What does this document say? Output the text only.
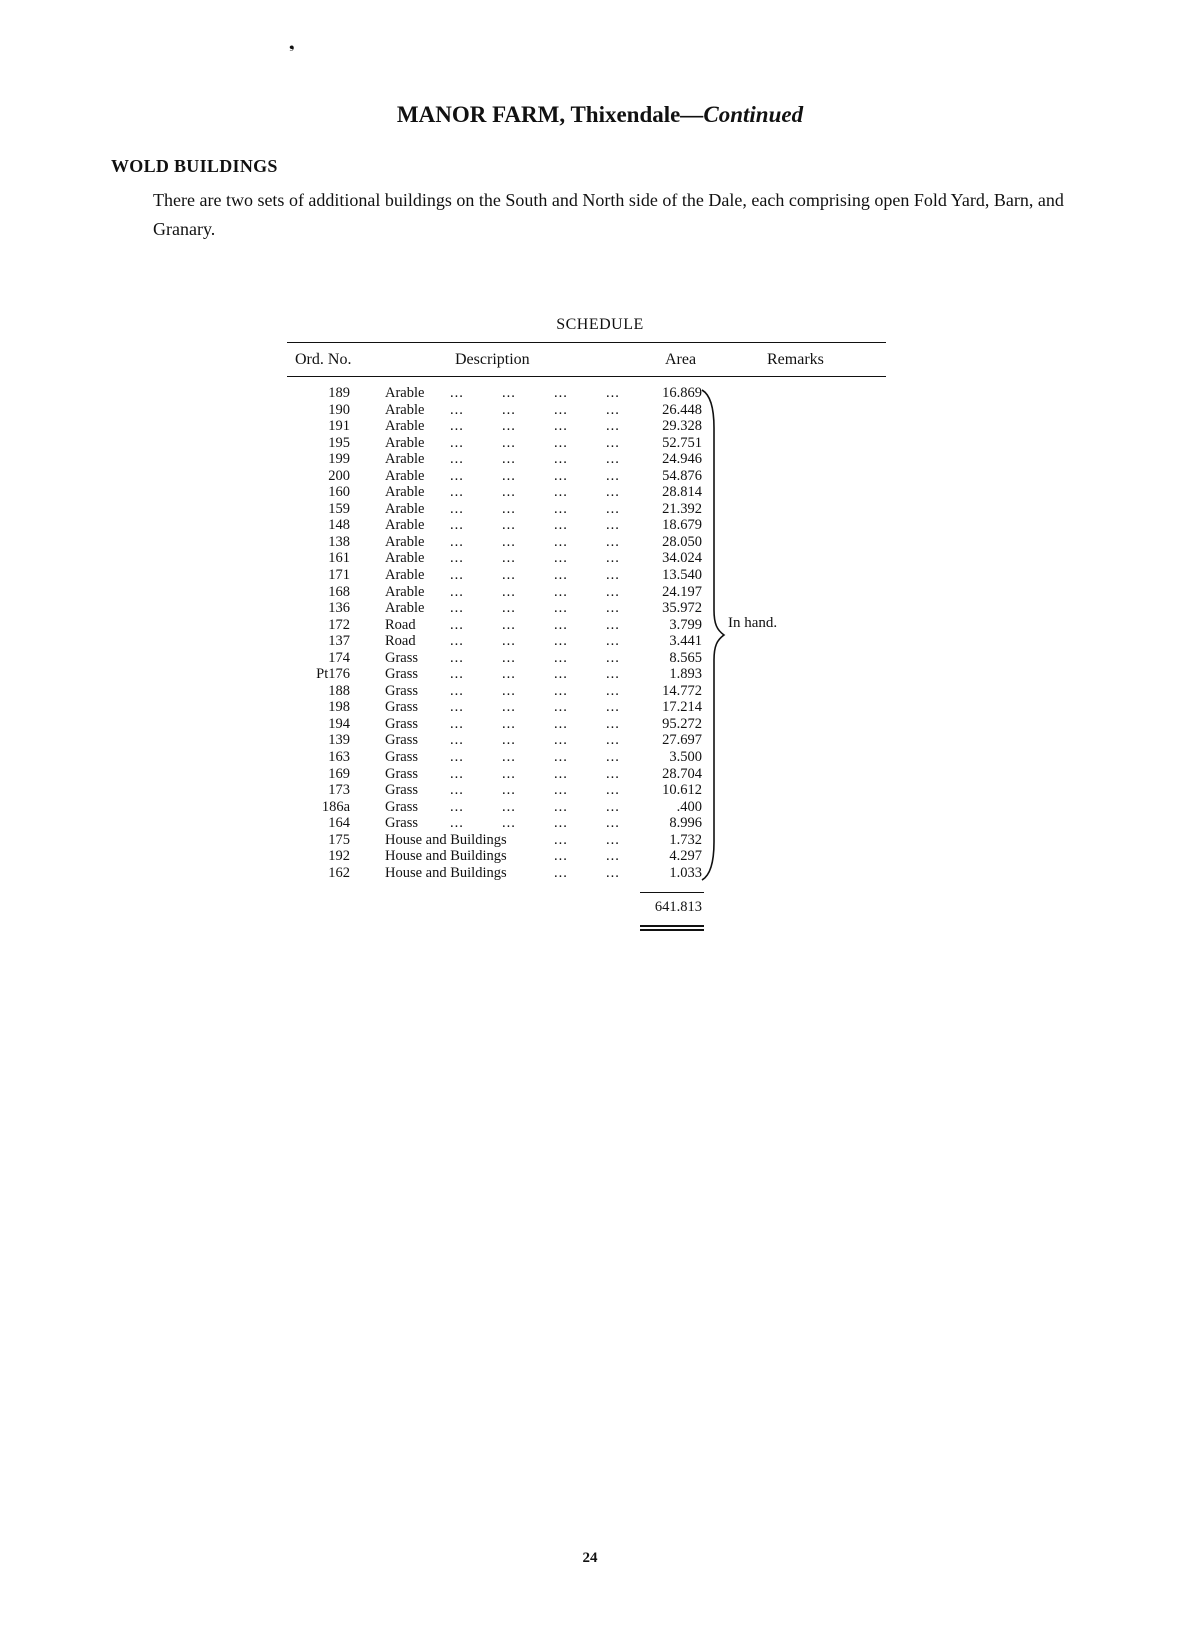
❟
MANOR FARM, Thixendale—Continued
WOLD BUILDINGS

There are two sets of additional buildings on the South and North side of the Dale, each comprising open Fold Yard, Barn, and Granary.

SCHEDULE
Ord. No.	Description	Area	Remarks
189 Arable ...	...	...	...	16.869
190 Arable ...	...	...	...	26.448
191 Arable ...	...	...	...	29.328
195 Arable ...	...	...	...	52.751
199 Arable ...	...	...	...	24.946
200 Arable ...	...	...	...	54.876
160 Arable ...	...	...	...	28.814
159 Arable ...	...	...	...	21.392
148 Arable ...	...	...	...	18.679
138 Arable ...	...	...	...	28.050
161 Arable ...	...	...	...	34.024
171 Arable ...	...	...	...	13.540
168 Arable ...	...	...	...	24.197
136 Arable ...	...	...	...	35.972
172 Road ...	...	...	...	3.799
137 Road ...	...	...	...	3.441
174 Grass ...	...	...	...	8.565
Pt176 Grass ...	...	...	...	1.893
188 Grass ...	...	...	...	14.772
198 Grass ...	...	...	...	17.214
194 Grass ...	...	...	...	95.272
139 Grass ...	...	...	...	27.697
163 Grass ...	...	...	...	3.500
169 Grass ...	...	...	...	28.704
173 Grass ...	...	...	...	10.612
186a Grass ...	...	...	...	.400
164 Grass ...	...	...	...	8.996
175 House and Buildings	...	...	1.732
192 House and Buildings	...	...	4.297
162 House and Buildings	...	...	1.033
In hand.
641.813
24
